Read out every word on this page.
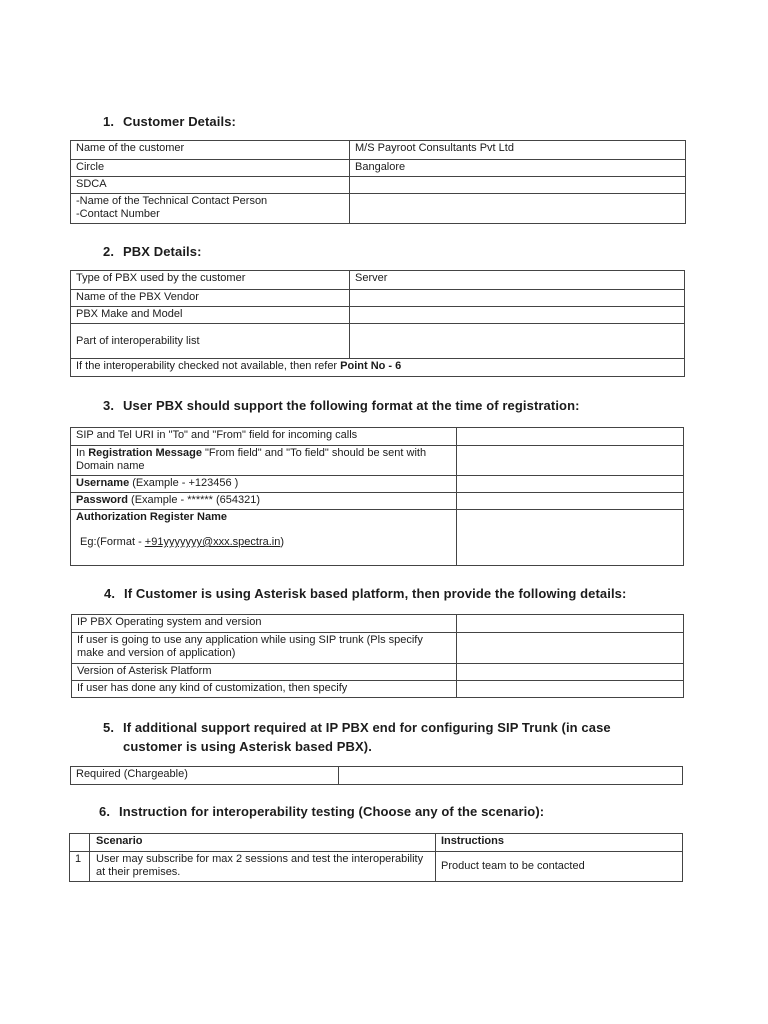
1. Customer Details:
Name of the customer	M/S Payroot Consultants Pvt Ltd
Circle	Bangalore
SDCA	

-Name of the Technical Contact Person
-Contact Number	

2. PBX Details:
Type of PBX used by the customer	Server
Name of the PBX Vendor	
PBX Make and Model	
Part of interoperability list	
If the interoperability checked not available, then refer Point No - 6	
3. User PBX should support the following format at the time of registration:
SIP and Tel URI in "To" and "From" field for incoming calls	
In Registration Message "From field" and "To field" should be sent with Domain name	
Username (Example - +123456 )	
Password (Example - ****** (654321)	

Authorization Register Name
Eg:(Format - +91yyyyyyy@xxx.spectra.in)	

4. If Customer is using Asterisk based platform, then provide the following details:
IP PBX Operating system and version	
If user is going to use any application while using SIP trunk (Pls specify make and version of application)	
Version of Asterisk Platform	
If user has done any kind of customization, then specify	
5. If additional support required at IP PBX end for configuring SIP Trunk (in case
customer is using Asterisk based PBX).
Required (Chargeable)	
6. Instruction for interoperability testing (Choose any of the scenario):
	Scenario	Instructions
1	User may subscribe for max 2 sessions and test the interoperability at their premises.	Product team to be contacted
